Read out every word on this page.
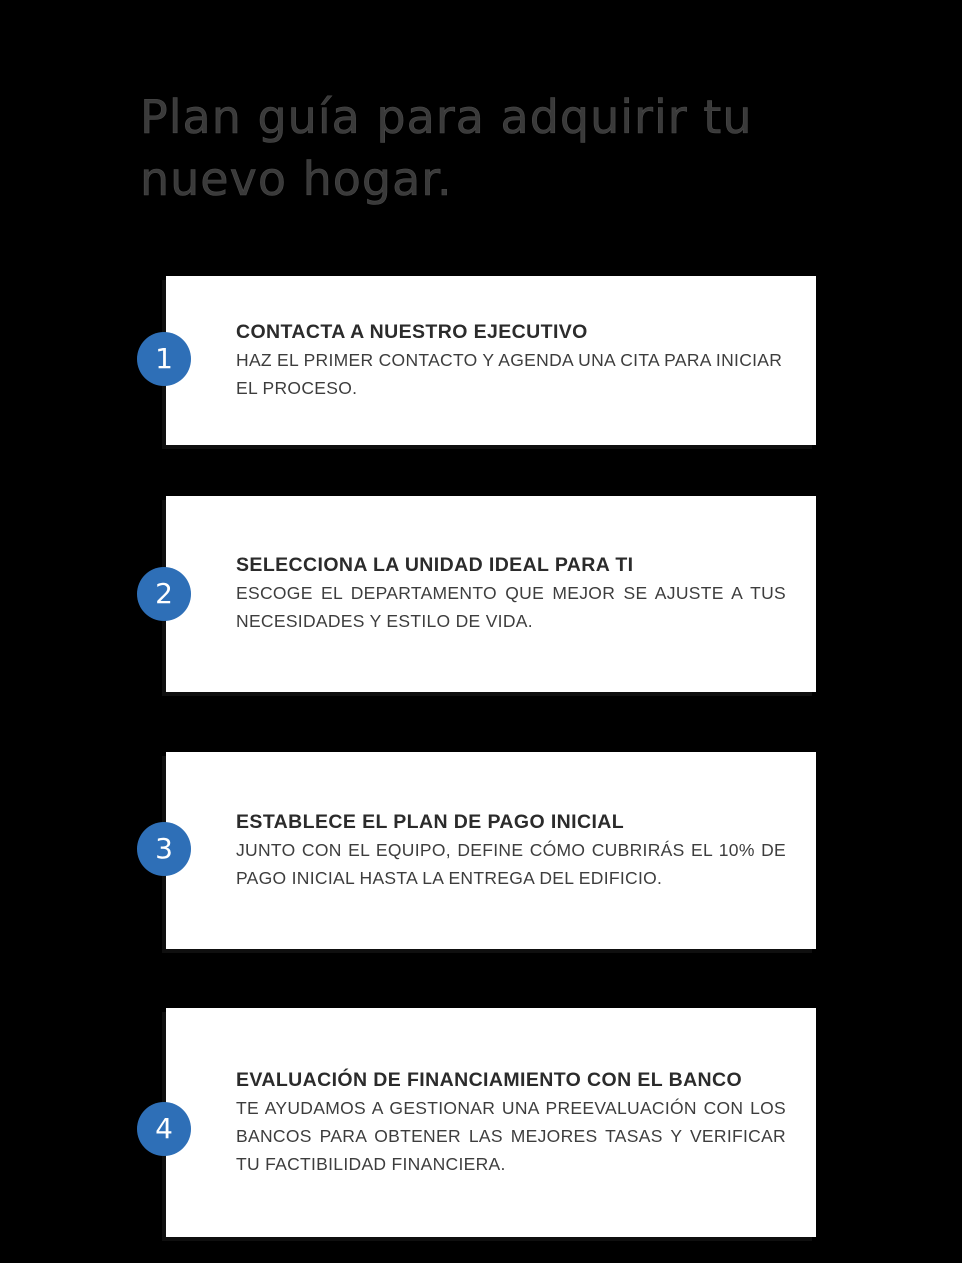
Plan guía para adquirir tu
nuevo hogar.
CONTACTA A NUESTRO EJECUTIVO
HAZ EL PRIMER CONTACTO Y AGENDA UNA CITA PARA INICIAR EL PROCESO.
1
SELECCIONA LA UNIDAD IDEAL PARA TI
ESCOGE EL DEPARTAMENTO QUE MEJOR SE AJUSTE A TUS NECESIDADES Y ESTILO DE VIDA.
2
ESTABLECE EL PLAN DE PAGO INICIAL
JUNTO CON EL EQUIPO, DEFINE CÓMO CUBRIRÁS EL 10% DE PAGO INICIAL HASTA LA ENTREGA DEL EDIFICIO.
3
EVALUACIÓN DE FINANCIAMIENTO CON EL BANCO
TE AYUDAMOS A GESTIONAR UNA PREEVALUACIÓN CON LOS BANCOS PARA OBTENER LAS MEJORES TASAS Y VERIFICAR TU FACTIBILIDAD FINANCIERA.
4
